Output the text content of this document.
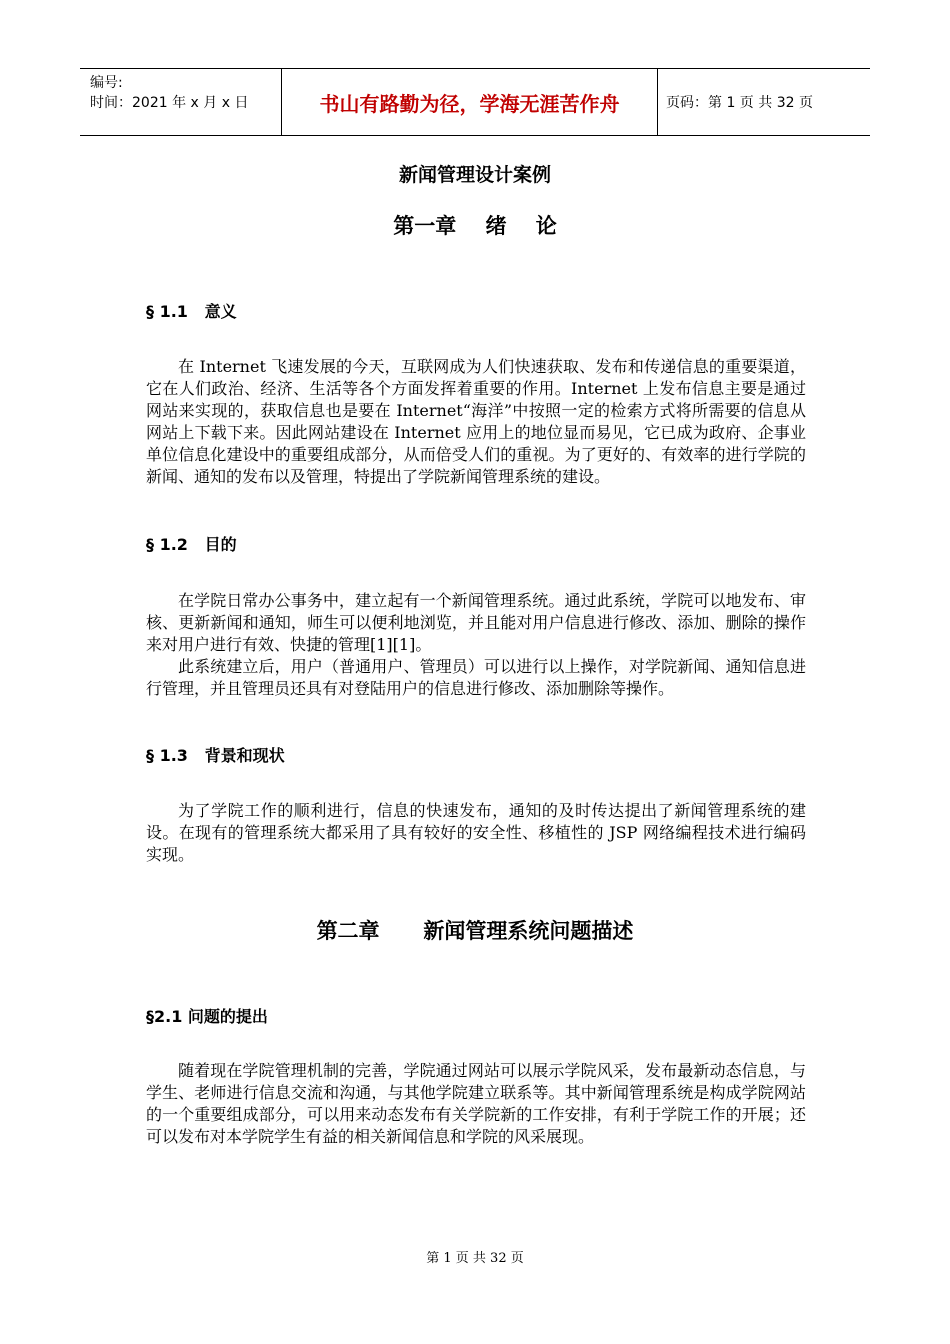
编号:
时间：2021 年 x 月 x 日	书山有路勤为径，学海无涯苦作舟	页码：第 1 页 共 32 页
新闻管理设计案例
第一章    绪    论
§ 1.1   意义

在 Internet 飞速发展的今天，互联网成为人们快速获取、发布和传递信息的重要渠道，它在人们政治、经济、生活等各个方面发挥着重要的作用。Internet 上发布信息主要是通过网站来实现的，获取信息也是要在 Internet“海洋”中按照一定的检索方式将所需要的信息从网站上下载下来。因此网站建设在 Internet 应用上的地位显而易见，它已成为政府、企事业单位信息化建设中的重要组成部分，从而倍受人们的重视。为了更好的、有效率的进行学院的新闻、通知的发布以及管理，特提出了学院新闻管理系统的建设。

§ 1.2   目的

在学院日常办公事务中，建立起有一个新闻管理系统。通过此系统，学院可以地发布、审核、更新新闻和通知，师生可以便利地浏览，并且能对用户信息进行修改、添加、删除的操作来对用户进行有效、快捷的管理[1][1]。

此系统建立后，用户（普通用户、管理员）可以进行以上操作，对学院新闻、通知信息进行管理，并且管理员还具有对登陆用户的信息进行修改、添加删除等操作。

§ 1.3   背景和现状

为了学院工作的顺利进行，信息的快速发布，通知的及时传达提出了新闻管理系统的建设。在现有的管理系统大都采用了具有较好的安全性、移植性的 JSP 网络编程技术进行编码实现。

第二章      新闻管理系统问题描述
§2.1 问题的提出

随着现在学院管理机制的完善，学院通过网站可以展示学院风采，发布最新动态信息，与学生、老师进行信息交流和沟通，与其他学院建立联系等。其中新闻管理系统是构成学院网站的一个重要组成部分，可以用来动态发布有关学院新的工作安排，有利于学院工作的开展；还可以发布对本学院学生有益的相关新闻信息和学院的风采展现。

第 1 页 共 32 页
